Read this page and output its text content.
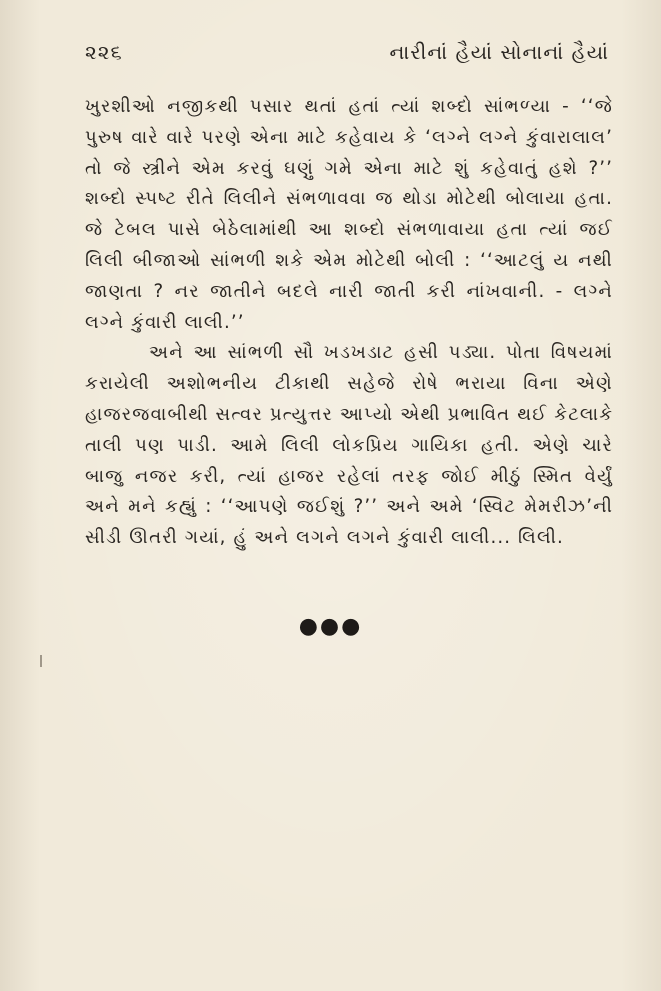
૨૨૬	નારીનાં હૈયાં સોનાનાં હૈયાં
ખુરશીઓ નજીકથી પસાર થતાં હતાં ત્યાં શબ્દો સાંભળ્યા - ‘‘જે
પુરુષ વારે વારે પરણે એના માટે કહેવાય કે ‘લગ્ને લગ્ને કુંવારાલાલ’
તો જે સ્ત્રીને એમ કરવું ઘણું ગમે એના માટે શું કહેવાતું હશે ?’’
શબ્દો સ્પષ્ટ રીતે લિલીને સંભળાવવા જ થોડા મોટેથી બોલાયા હતા.
જે ટેબલ પાસે બેઠેલામાંથી આ શબ્દો સંભળાવાયા હતા ત્યાં જઈ
લિલી બીજાઓ સાંભળી શકે એમ મોટેથી બોલી : ‘‘આટલું ય નથી
જાણતા ? નર જાતીને બદલે નારી જાતી કરી નાંખવાની. - લગ્ને
લગ્ને કુંવારી લાલી.’’
અને આ સાંભળી સૌ ખડખડાટ હસી પડ્યા. પોતા વિષયમાં
કરાયેલી અશોભનીય ટીકાથી સહેજે રોષે ભરાયા વિના એણે
હાજરજવાબીથી સત્વર પ્રત્યુત્તર આપ્યો એથી પ્રભાવિત થઈ કેટલાકે
તાલી પણ પાડી. આમે લિલી લોકપ્રિય ગાયિકા હતી. એણે ચારે
બાજુ નજર કરી, ત્યાં હાજર રહેલાં તરફ જોઈ મીઠું સ્મિત વેર્યું
અને મને કહ્યું : ‘‘આપણે જઈશું ?’’ અને અમે ‘સ્વિટ મેમરીઝ’ની
સીડી ઊતરી ગયાં, હું અને લગને લગને કુંવારી લાલી... લિલી.
●●●
